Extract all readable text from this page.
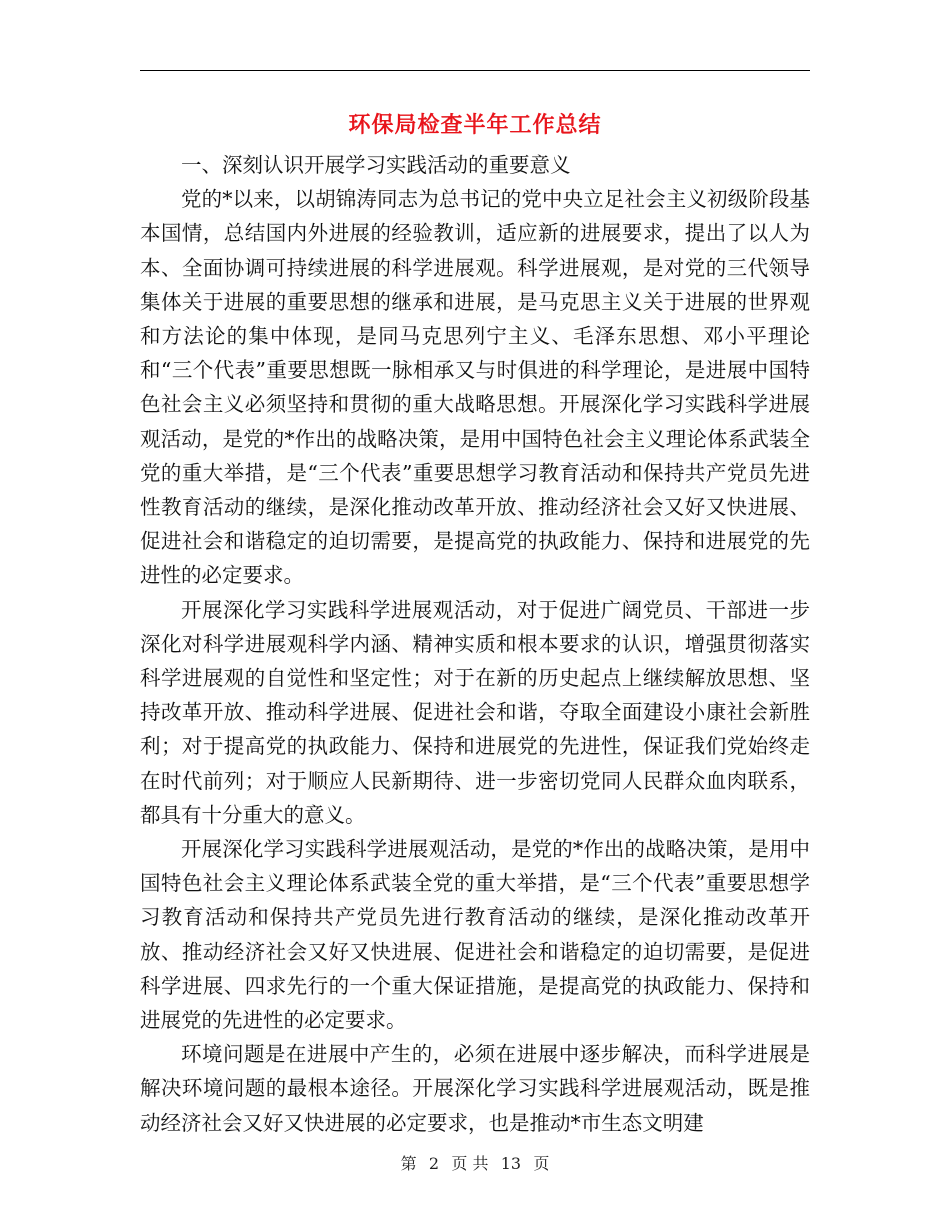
环保局检查半年工作总结

一、深刻认识开展学习实践活动的重要意义

党的*以来，以胡锦涛同志为总书记的党中央立足社会主义初级阶段基本国情，总结国内外进展的经验教训，适应新的进展要求，提出了以人为本、全面协调可持续进展的科学进展观。科学进展观，是对党的三代领导集体关于进展的重要思想的继承和进展，是马克思主义关于进展的世界观和方法论的集中体现，是同马克思列宁主义、毛泽东思想、邓小平理论和“三个代表”重要思想既一脉相承又与时俱进的科学理论，是进展中国特色社会主义必须坚持和贯彻的重大战略思想。开展深化学习实践科学进展观活动，是党的*作出的战略决策，是用中国特色社会主义理论体系武装全党的重大举措，是“三个代表”重要思想学习教育活动和保持共产党员先进性教育活动的继续，是深化推动改革开放、推动经济社会又好又快进展、促进社会和谐稳定的迫切需要，是提高党的执政能力、保持和进展党的先进性的必定要求。

开展深化学习实践科学进展观活动，对于促进广阔党员、干部进一步深化对科学进展观科学内涵、精神实质和根本要求的认识，增强贯彻落实科学进展观的自觉性和坚定性；对于在新的历史起点上继续解放思想、坚持改革开放、推动科学进展、促进社会和谐，夺取全面建设小康社会新胜利；对于提高党的执政能力、保持和进展党的先进性，保证我们党始终走在时代前列；对于顺应人民新期待、进一步密切党同人民群众血肉联系，都具有十分重大的意义。

开展深化学习实践科学进展观活动，是党的*作出的战略决策，是用中国特色社会主义理论体系武装全党的重大举措，是“三个代表”重要思想学习教育活动和保持共产党员先进行教育活动的继续，是深化推动改革开放、推动经济社会又好又快进展、促进社会和谐稳定的迫切需要，是促进科学进展、四求先行的一个重大保证措施，是提高党的执政能力、保持和进展党的先进性的必定要求。

环境问题是在进展中产生的，必须在进展中逐步解决，而科学进展是解决环境问题的最根本途径。开展深化学习实践科学进展观活动，既是推动经济社会又好又快进展的必定要求，也是推动*市生态文明建

第 2 页 共 13 页
